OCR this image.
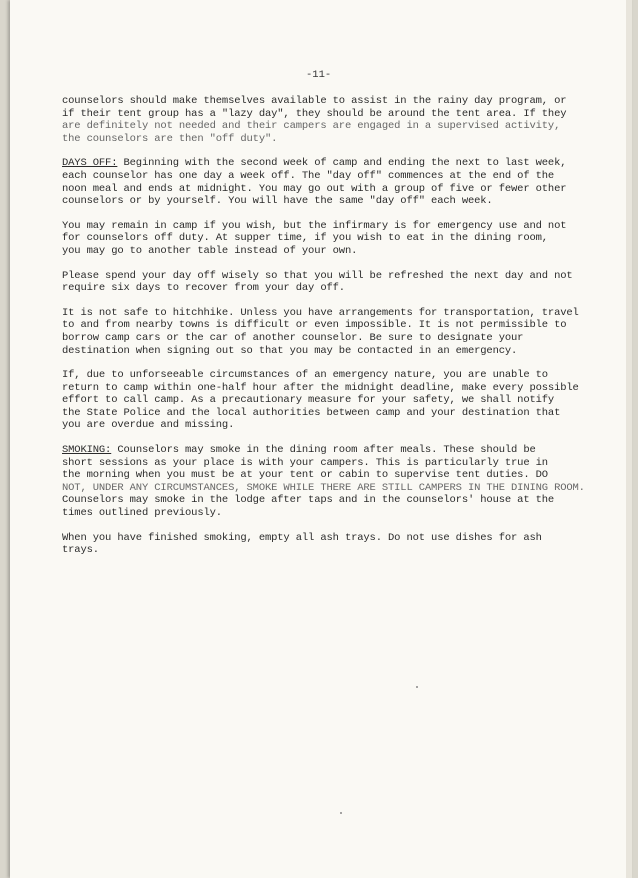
-11-
counselors should make themselves available to assist in the rainy day program, or
if their tent group has a "lazy day", they should be around the tent area. If they
are definitely not needed and their campers are engaged in a supervised activity,
the counselors are then "off duty".
DAYS OFF: Beginning with the second week of camp and ending the next to last week,
each counselor has one day a week off. The "day off" commences at the end of the
noon meal and ends at midnight. You may go out with a group of five or fewer other
counselors or by yourself. You will have the same "day off" each week.
You may remain in camp if you wish, but the infirmary is for emergency use and not
for counselors off duty. At supper time, if you wish to eat in the dining room,
you may go to another table instead of your own.
Please spend your day off wisely so that you will be refreshed the next day and not
require six days to recover from your day off.
It is not safe to hitchhike. Unless you have arrangements for transportation, travel
to and from nearby towns is difficult or even impossible. It is not permissible to
borrow camp cars or the car of another counselor. Be sure to designate your
destination when signing out so that you may be contacted in an emergency.
If, due to unforseeable circumstances of an emergency nature, you are unable to
return to camp within one-half hour after the midnight deadline, make every possible
effort to call camp. As a precautionary measure for your safety, we shall notify
the State Police and the local authorities between camp and your destination that
you are overdue and missing.
SMOKING: Counselors may smoke in the dining room after meals. These should be
short sessions as your place is with your campers. This is particularly true in
the morning when you must be at your tent or cabin to supervise tent duties. DO
NOT, UNDER ANY CIRCUMSTANCES, SMOKE WHILE THERE ARE STILL CAMPERS IN THE DINING ROOM.
Counselors may smoke in the lodge after taps and in the counselors' house at the
times outlined previously.
When you have finished smoking, empty all ash trays. Do not use dishes for ash
trays.
